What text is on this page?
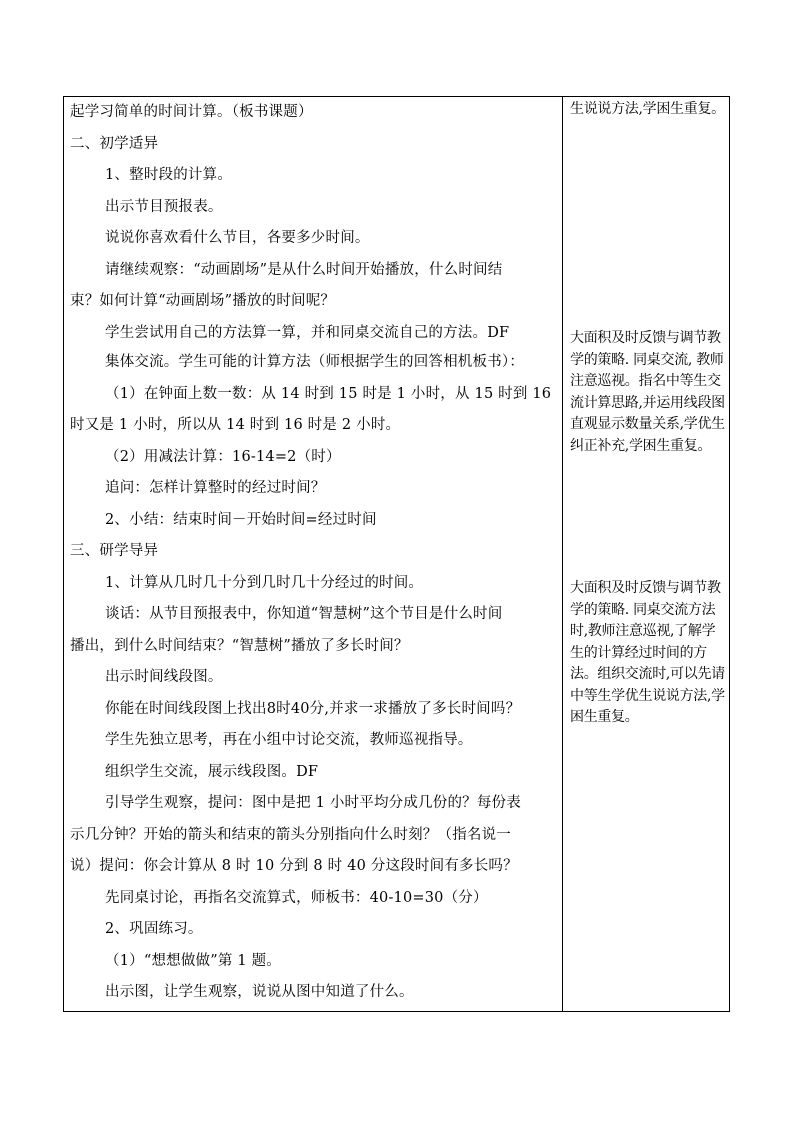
起学习简单的时间计算。（板书课题）
二、初学适异
1、整时段的计算。
出示节目预报表。
说说你喜欢看什么节目，各要多少时间。
请继续观察：“动画剧场”是从什么时间开始播放，什么时间结
束？如何计算“动画剧场”播放的时间呢？
学生尝试用自己的方法算一算，并和同桌交流自己的方法。DF
集体交流。学生可能的计算方法（师根据学生的回答相机板书）：
（1）在钟面上数一数：从 14 时到 15 时是 1 小时，从 15 时到 16
时又是 1 小时，所以从 14 时到 16 时是 2 小时。
（2）用减法计算：16-14=2（时）
追问：怎样计算整时的经过时间？
2、小结：结束时间－开始时间=经过时间
三、研学导异
1、计算从几时几十分到几时几十分经过的时间。
谈话：从节目预报表中，你知道“智慧树”这个节目是什么时间
播出，到什么时间结束？“智慧树”播放了多长时间？
出示时间线段图。
你能在时间线段图上找出8时40分,并求一求播放了多长时间吗？
学生先独立思考，再在小组中讨论交流，教师巡视指导。
组织学生交流，展示线段图。DF
引导学生观察，提问：图中是把 1 小时平均分成几份的？每份表
示几分钟？开始的箭头和结束的箭头分别指向什么时刻？（指名说一
说）提问：你会计算从 8 时 10 分到 8 时 40 分这段时间有多长吗？
先同桌讨论，再指名交流算式，师板书：40-10=30（分）
2、巩固练习。
（1）“想想做做”第 1 题。
出示图，让学生观察，说说从图中知道了什么。
生说说方法,学困生重复。
大面积及时反馈与调节教学的策略. 同桌交流, 教师注意巡视。指名中等生交流计算思路,并运用线段图直观显示数量关系,学优生纠正补充,学困生重复。
大面积及时反馈与调节教学的策略. 同桌交流方法时,教师注意巡视,了解学生的计算经过时间的方法。组织交流时,可以先请中等生学优生说说方法,学困生重复。
